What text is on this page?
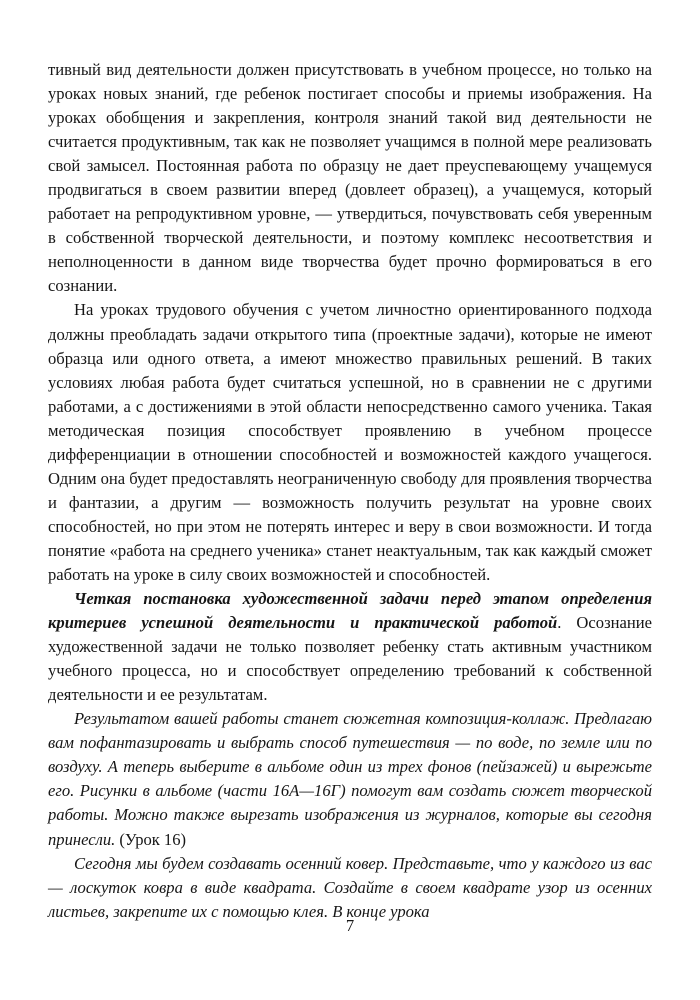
тивный вид деятельности должен присутствовать в учебном процессе, но только на уроках новых знаний, где ребенок постигает способы и приемы изображения. На уроках обобщения и закрепления, контроля знаний такой вид деятельности не считается продуктивным, так как не позволяет учащимся в полной мере реализовать свой замысел. Постоянная работа по образцу не дает преуспевающему учащемуся продвигаться в своем развитии вперед (довлеет образец), а учащемуся, который работает на репродуктивном уровне, — утвердиться, почувствовать себя уверенным в собственной творческой деятельности, и поэтому комплекс несоответствия и неполноценности в данном виде творчества будет прочно формироваться в его сознании.

На уроках трудового обучения с учетом личностно ориентированного подхода должны преобладать задачи открытого типа (проектные задачи), которые не имеют образца или одного ответа, а имеют множество правильных решений. В таких условиях любая работа будет считаться успешной, но в сравнении не с другими работами, а с достижениями в этой области непосредственно самого ученика. Такая методическая позиция способствует проявлению в учебном процессе дифференциации в отношении способностей и возможностей каждого учащегося. Одним она будет предоставлять неограниченную свободу для проявления творчества и фантазии, а другим — возможность получить результат на уровне своих способностей, но при этом не потерять интерес и веру в свои возможности. И тогда понятие «работа на среднего ученика» станет неактуальным, так как каждый сможет работать на уроке в силу своих возможностей и способностей.

Четкая постановка художественной задачи перед этапом определения критериев успешной деятельности и практической работой. Осознание художественной задачи не только позволяет ребенку стать активным участником учебного процесса, но и способствует определению требований к собственной деятельности и ее результатам.

Результатом вашей работы станет сюжетная композиция-коллаж. Предлагаю вам пофантазировать и выбрать способ путешествия — по воде, по земле или по воздуху. А теперь выберите в альбоме один из трех фонов (пейзажей) и вырежьте его. Рисунки в альбоме (части 16А—16Г) помогут вам создать сюжет творческой работы. Можно также вырезать изображения из журналов, которые вы сегодня принесли. (Урок 16)

Сегодня мы будем создавать осенний ковер. Представьте, что у каждого из вас — лоскуток ковра в виде квадрата. Создайте в своем квадрате узор из осенних листьев, закрепите их с помощью клея. В конце урока

7
